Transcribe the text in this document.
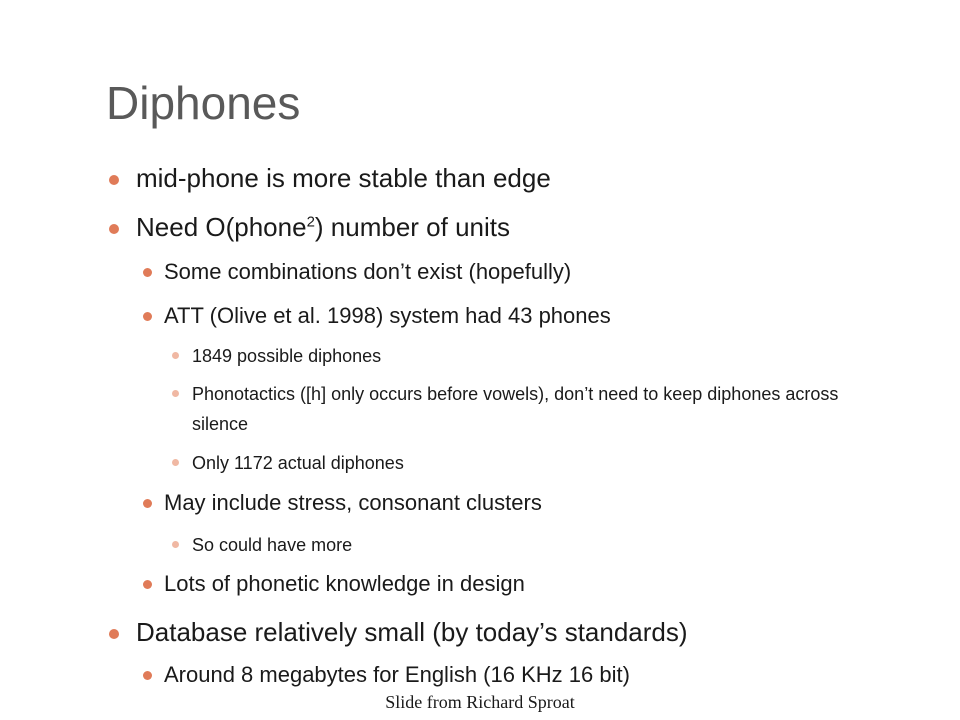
Diphones
mid-phone is more stable than edge
Need O(phone$^2$) number of units
Some combinations don’t exist (hopefully)
ATT (Olive et al. 1998) system had 43 phones
1849 possible diphones
Phonotactics ([h] only occurs before vowels), don’t need to keep diphones across silence
Only 1172 actual diphones
May include stress, consonant clusters
So could have more
Lots of phonetic knowledge in design
Database relatively small (by today’s standards)
Around 8 megabytes for English (16 KHz 16 bit)
Slide from Richard Sproat
